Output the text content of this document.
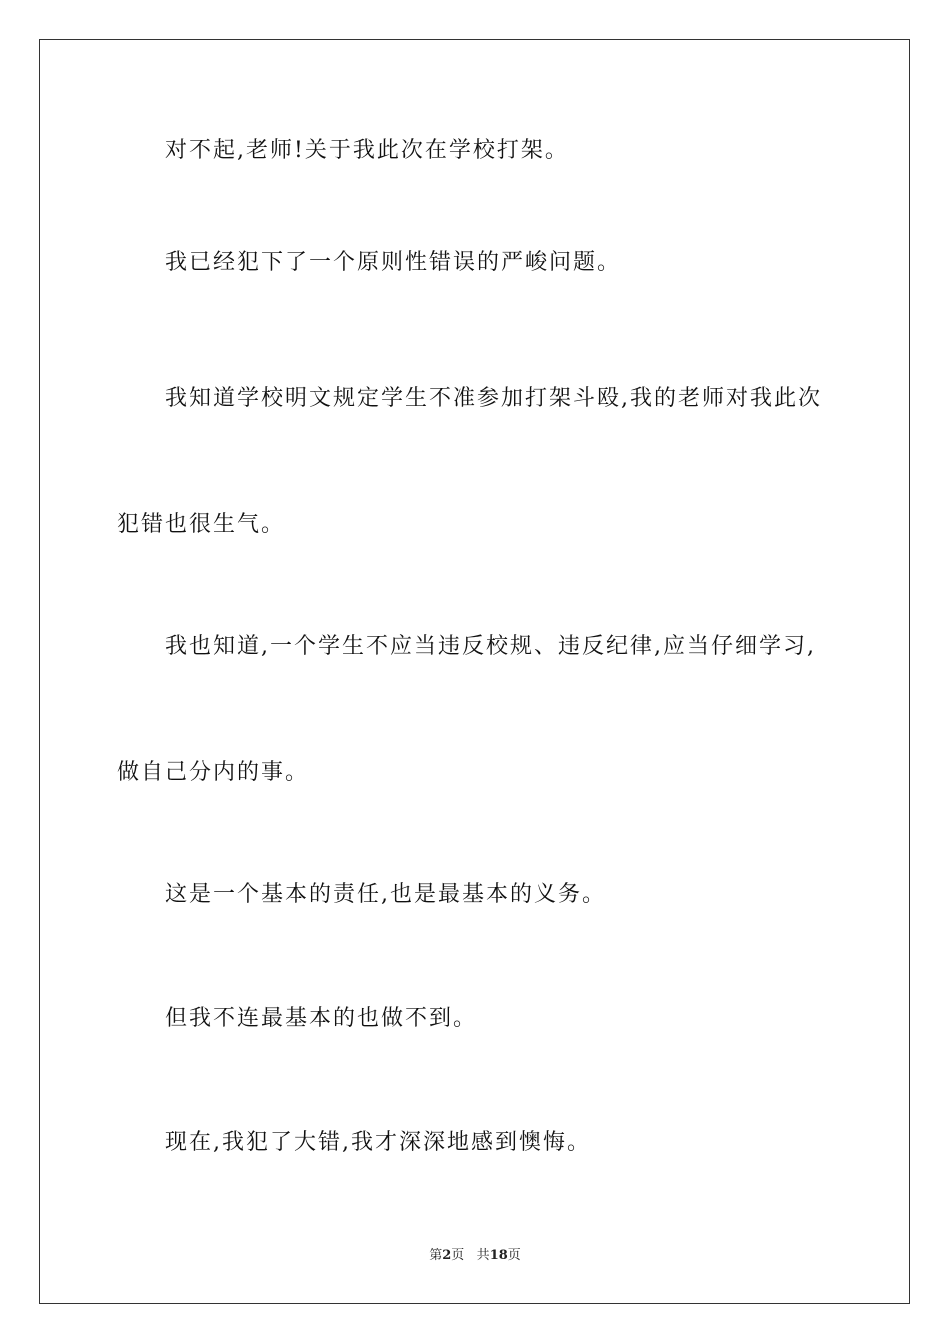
对不起,老师!关于我此次在学校打架。
我已经犯下了一个原则性错误的严峻问题。
我知道学校明文规定学生不准参加打架斗殴,我的老师对我此次
犯错也很生气。
我也知道,一个学生不应当违反校规、违反纪律,应当仔细学习,
做自己分内的事。
这是一个基本的责任,也是最基本的义务。
但我不连最基本的也做不到。
现在,我犯了大错,我才深深地感到懊悔。
第2页 共18页
